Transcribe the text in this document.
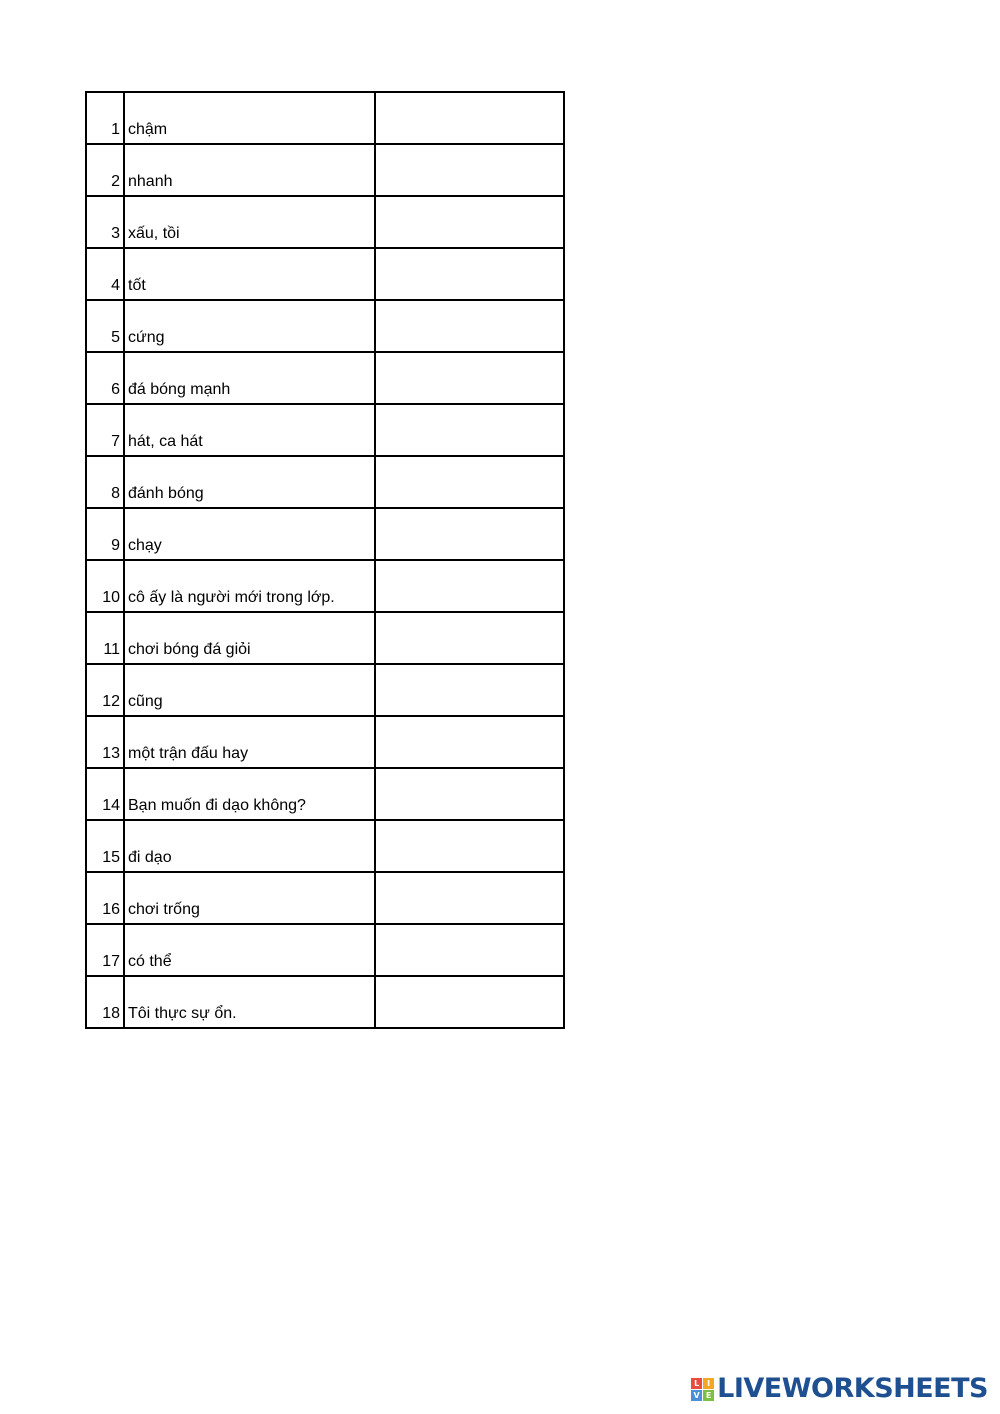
1	chậm	
2	nhanh	
3	xấu, tồi	
4	tốt	
5	cứng	
6	đá bóng mạnh	
7	hát, ca hát	
8	đánh bóng	
9	chạy	
10	cô ấy là người mới trong lớp.	
11	chơi bóng đá giỏi	
12	cũng	
13	một trận đấu hay	
14	Bạn muốn đi dạo không?	
15	đi dạo	
16	chơi trống	
17	có thể	
18	Tôi thực sự ổn.	
L I
V E LIVEWORKSHEETS
